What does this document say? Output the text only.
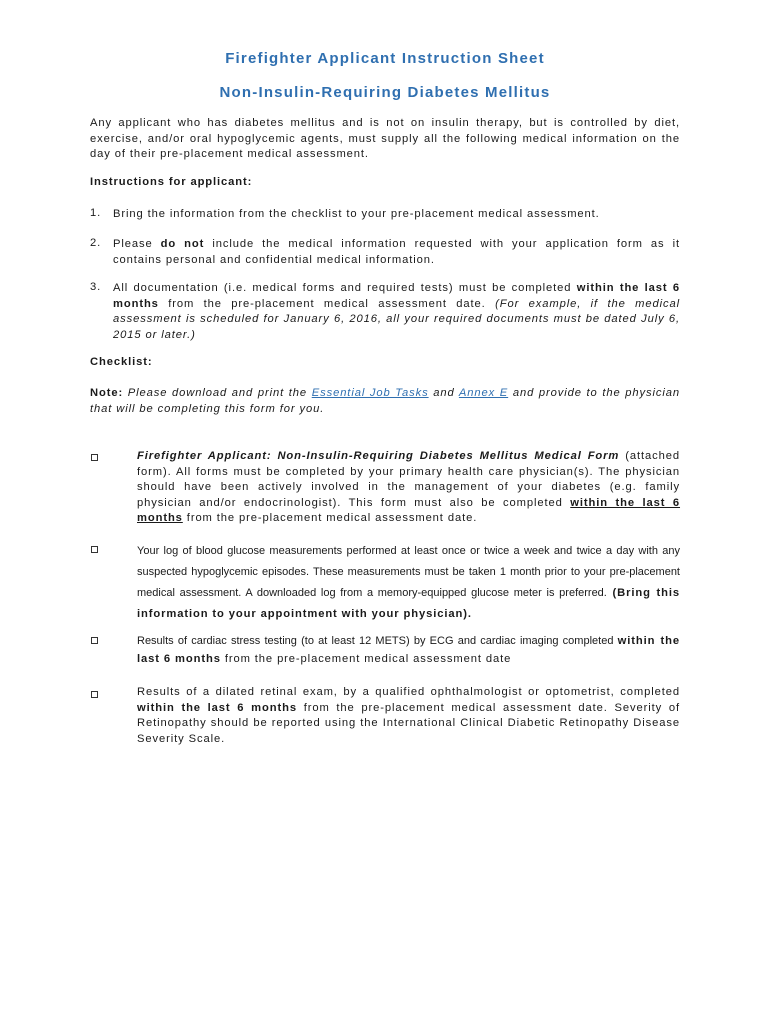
Firefighter Applicant Instruction Sheet
Non-Insulin-Requiring Diabetes Mellitus

Any applicant who has diabetes mellitus and is not on insulin therapy, but is controlled by diet, exercise, and/or oral hypoglycemic agents, must supply all the following medical information on the day of their pre-placement medical assessment.

Instructions for applicant:
1. Bring the information from the checklist to your pre-placement medical assessment.

2. Please do not include the medical information requested with your application form as it contains personal and confidential medical information.

3. All documentation (i.e. medical forms and required tests) must be completed within the last 6 months from the pre-placement medical assessment date. (For example, if the medical assessment is scheduled for January 6, 2016, all your required documents must be dated July 6, 2015 or later.)

Checklist:

Note: Please download and print the Essential Job Tasks and Annex E and provide to the physician that will be completing this form for you.

Firefighter Applicant: Non-Insulin-Requiring Diabetes Mellitus Medical Form (attached form). All forms must be completed by your primary health care physician(s). The physician should have been actively involved in the management of your diabetes (e.g. family physician and/or endocrinologist). This form must also be completed within the last 6 months from the pre-placement medical assessment date.

Your log of blood glucose measurements performed at least once or twice a week and twice a day with any suspected hypoglycemic episodes. These measurements must be taken 1 month prior to your pre-placement medical assessment. A downloaded log from a memory-equipped glucose meter is preferred. (Bring this information to your appointment with your physician).

Results of cardiac stress testing (to at least 12 METS) by ECG and cardiac imaging completed within the last 6 months from the pre-placement medical assessment date

Results of a dilated retinal exam, by a qualified ophthalmologist or optometrist, completed within the last 6 months from the pre-placement medical assessment date. Severity of Retinopathy should be reported using the International Clinical Diabetic Retinopathy Disease Severity Scale.
